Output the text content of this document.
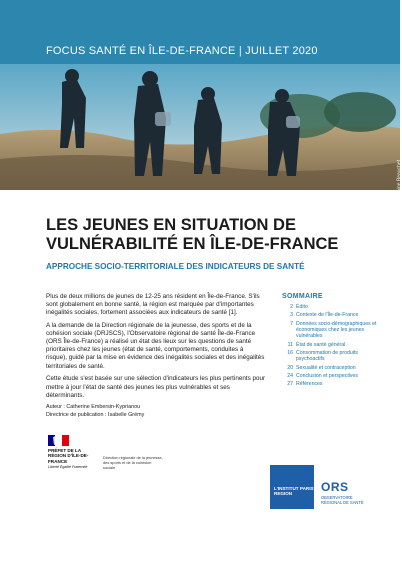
FOCUS SANTÉ EN ÎLE-DE-FRANCE | JUILLET 2020
Antoine Beauchet
LES JEUNES EN SITUATION DE
VULNÉRABILITÉ EN ÎLE-DE-FRANCE
APPROCHE SOCIO-TERRITORIALE DES INDICATEURS DE SANTÉ

Plus de deux millions de jeunes de 12-25 ans résident en Île-de-France. S'ils sont globalement en bonne santé, la région est marquée par d'importantes inégalités sociales, fortement associées aux indicateurs de santé [1].

A la demande de la Direction régionale de la jeunesse, des sports et de la cohésion sociale (DRJSCS), l'Observatoire régional de santé Île-de-France (ORS Île-de-France) a réalisé un état des lieux sur les questions de santé prioritaires chez les jeunes (état de santé, comportements, conduites à risque), guidé par la mise en évidence des inégalités sociales et des inégalités territoriales de santé.

Cette étude s'est basée sur une sélection d'indicateurs les plus pertinents pour mettre à jour l'état de santé des jeunes les plus vulnérables et ses déterminants.

Auteur : Catherine Embersin-Kyprianou
Directrice de publication : Isabelle Grémy
SOMMAIRE
2 Édito
3 Contexte de l'Île-de-France
7 Données socio-démographiques et économiques chez les jeunes vulnérables
11 État de santé général
16 Consommation de produits psychoactifs
20 Sexualité et contraception
24 Conclusion et perspectives
27 Références
PRÉFET DE LA RÉGION D'ÎLE-DE-FRANCE
Liberté Égalité Fraternité
Direction régionale de la jeunesse, des sports et de la cohésion sociale
L'INSTITUT PARIS REGION	ORS
OBSERVATOIRE
RÉGIONAL DE SANTÉ
